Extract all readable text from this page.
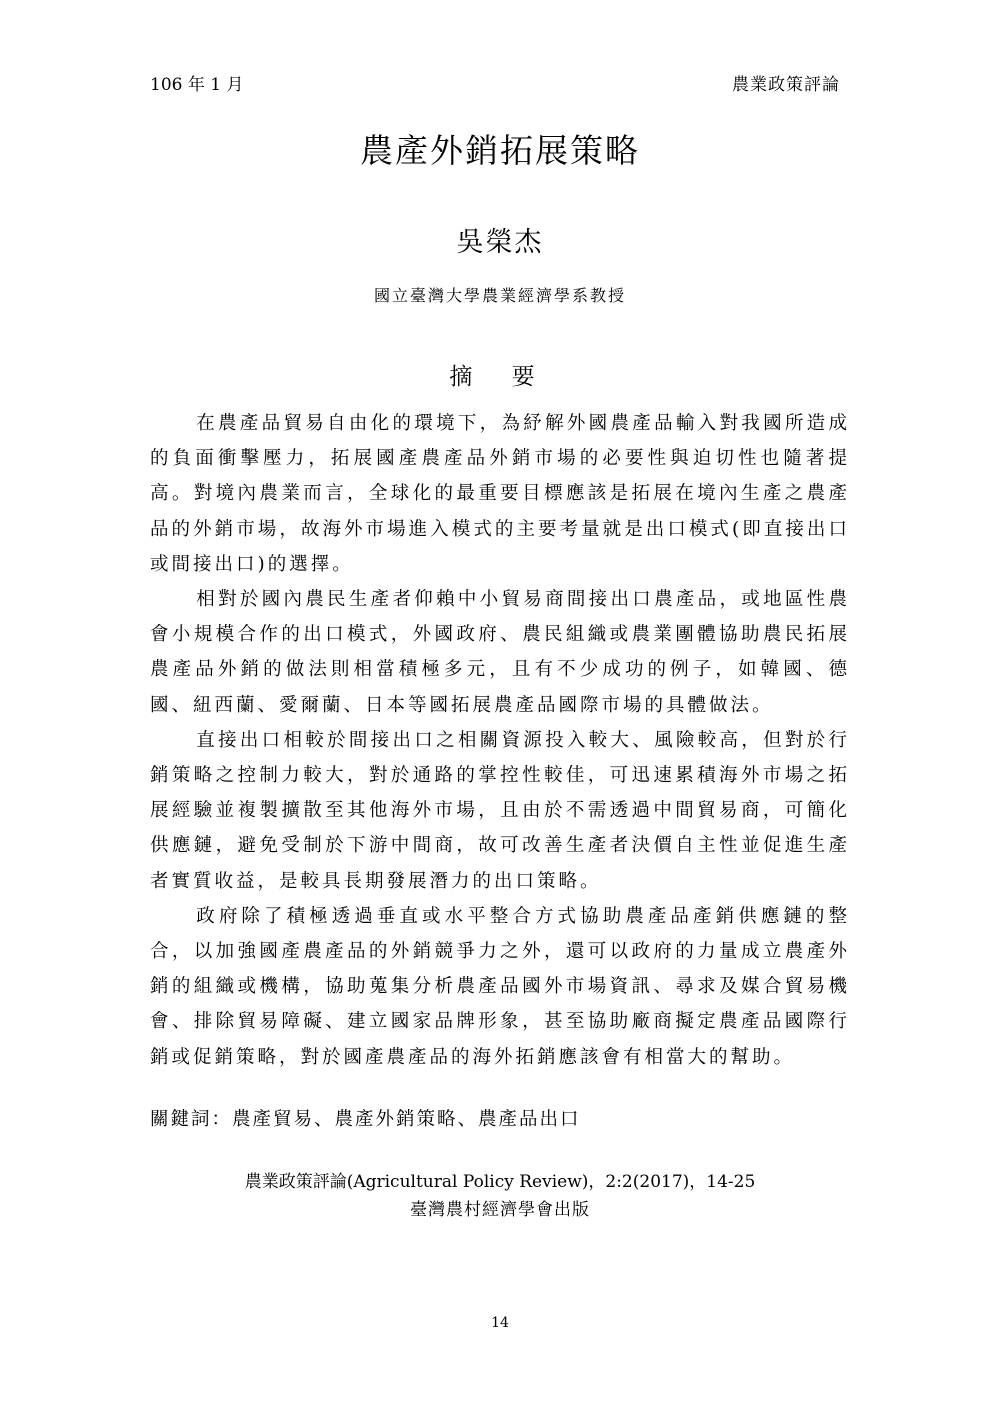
106 年 1 月	農業政策評論
農產外銷拓展策略
吳榮杰
國立臺灣大學農業經濟學系教授
摘 要

在農產品貿易自由化的環境下，為紓解外國農產品輸入對我國所造成的負面衝擊壓力，拓展國產農產品外銷市場的必要性與迫切性也隨著提高。對境內農業而言，全球化的最重要目標應該是拓展在境內生產之農產品的外銷市場，故海外市場進入模式的主要考量就是出口模式(即直接出口或間接出口)的選擇。

相對於國內農民生產者仰賴中小貿易商間接出口農產品，或地區性農會小規模合作的出口模式，外國政府、農民組織或農業團體協助農民拓展農產品外銷的做法則相當積極多元，且有不少成功的例子，如韓國、德國、紐西蘭、愛爾蘭、日本等國拓展農產品國際市場的具體做法。

直接出口相較於間接出口之相關資源投入較大、風險較高，但對於行銷策略之控制力較大，對於通路的掌控性較佳，可迅速累積海外市場之拓展經驗並複製擴散至其他海外市場，且由於不需透過中間貿易商，可簡化供應鏈，避免受制於下游中間商，故可改善生產者決價自主性並促進生產者實質收益，是較具長期發展潛力的出口策略。

政府除了積極透過垂直或水平整合方式協助農產品產銷供應鏈的整合，以加強國產農產品的外銷競爭力之外，還可以政府的力量成立農產外銷的組織或機構，協助蒐集分析農產品國外市場資訊、尋求及媒合貿易機會、排除貿易障礙、建立國家品牌形象，甚至協助廠商擬定農產品國際行銷或促銷策略，對於國產農產品的海外拓銷應該會有相當大的幫助。

關鍵詞：農產貿易、農產外銷策略、農產品出口
農業政策評論(Agricultural Policy Review)，2:2(2017)，14-25
臺灣農村經濟學會出版
14
